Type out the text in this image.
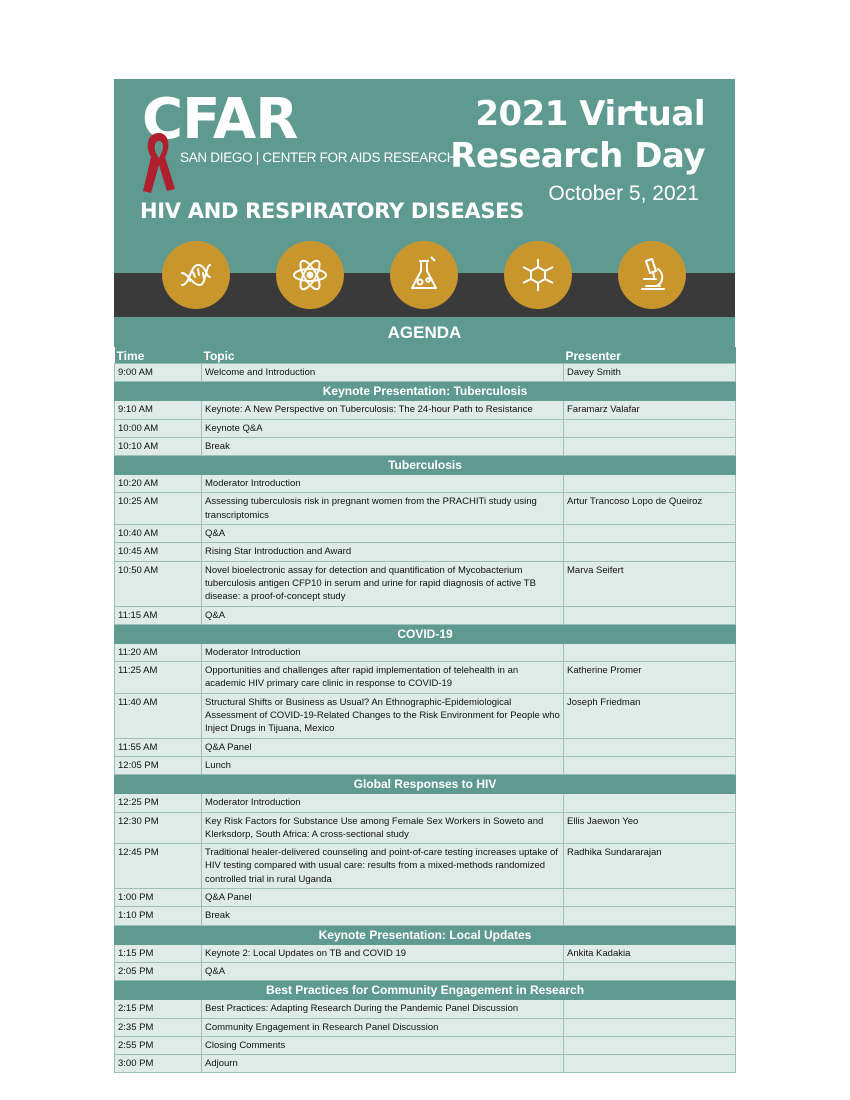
CFAR
SAN DIEGO | CENTER FOR AIDS RESEARCH
2021 Virtual
Research Day
October 5, 2021
HIV AND RESPIRATORY DISEASES
AGENDA
Time	Topic	Presenter
9:00 AM	Welcome and Introduction	Davey Smith
Keynote Presentation: Tuberculosis		
9:10 AM	Keynote: A New Perspective on Tuberculosis: The 24-hour Path to Resistance	Faramarz Valafar
10:00 AM	Keynote Q&A	
10:10 AM	Break	
Tuberculosis		
10:20 AM	Moderator Introduction	
10:25 AM	Assessing tuberculosis risk in pregnant women from the PRACHITi study using transcriptomics	Artur Trancoso Lopo de Queiroz
10:40 AM	Q&A	
10:45 AM	Rising Star Introduction and Award	
10:50 AM	Novel bioelectronic assay for detection and quantification of Mycobacterium tuberculosis antigen CFP10 in serum and urine for rapid diagnosis of active TB disease: a proof-of-concept study	Marva Seifert
11:15 AM	Q&A	
COVID-19		
11:20 AM	Moderator Introduction	
11:25 AM	Opportunities and challenges after rapid implementation of telehealth in an academic HIV primary care clinic in response to COVID-19	Katherine Promer
11:40 AM	Structural Shifts or Business as Usual? An Ethnographic-Epidemiological Assessment of COVID-19-Related Changes to the Risk Environment for People who Inject Drugs in Tijuana, Mexico	Joseph Friedman
11:55 AM	Q&A Panel	
12:05 PM	Lunch	
Global Responses to HIV		
12:25 PM	Moderator Introduction	
12:30 PM	Key Risk Factors for Substance Use among Female Sex Workers in Soweto and Klerksdorp, South Africa: A cross-sectional study	Ellis Jaewon Yeo
12:45 PM	Traditional healer-delivered counseling and point-of-care testing increases uptake of HIV testing compared with usual care: results from a mixed-methods randomized controlled trial in rural Uganda	Radhika Sundararajan
1:00 PM	Q&A Panel	
1:10 PM	Break	
Keynote Presentation: Local Updates		
1:15 PM	Keynote 2: Local Updates on TB and COVID 19	Ankita Kadakia
2:05 PM	Q&A	
Best Practices for Community Engagement in Research		
2:15 PM	Best Practices: Adapting Research During the Pandemic Panel Discussion	
2:35 PM	Community Engagement in Research Panel Discussion	
2:55 PM	Closing Comments	
3:00 PM	Adjourn	
